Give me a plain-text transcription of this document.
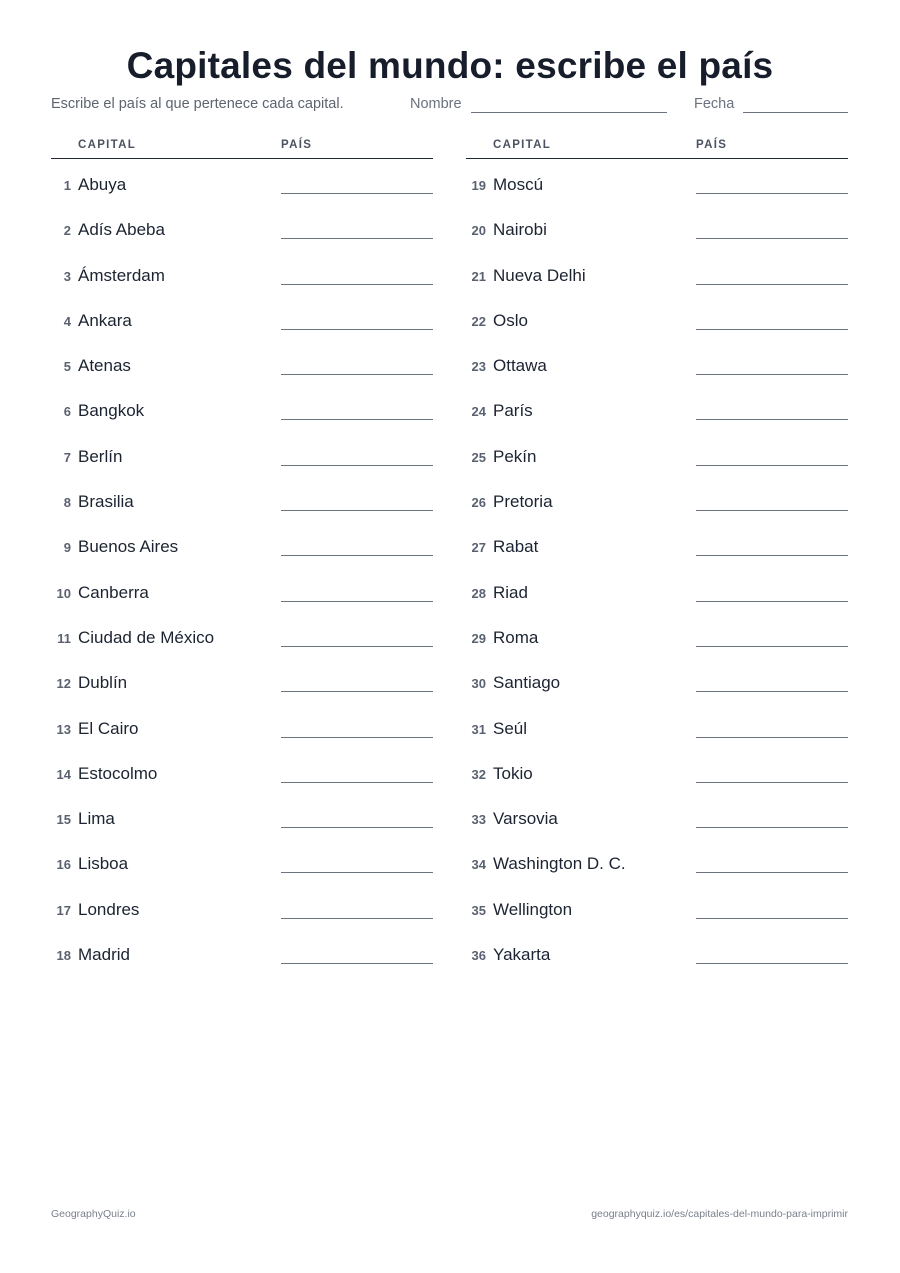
Capitales del mundo: escribe el país
Escribe el país al que pertenece cada capital.	Nombre	Fecha
CAPITAL	PAÍS
1 Abuya
2 Adís Abeba
3 Ámsterdam
4 Ankara
5 Atenas
6 Bangkok
7 Berlín
8 Brasilia
9 Buenos Aires
10 Canberra
11 Ciudad de México
12 Dublín
13 El Cairo
14 Estocolmo
15 Lima
16 Lisboa
17 Londres
18 Madrid
CAPITAL	PAÍS
19 Moscú
20 Nairobi
21 Nueva Delhi
22 Oslo
23 Ottawa
24 París
25 Pekín
26 Pretoria
27 Rabat
28 Riad
29 Roma
30 Santiago
31 Seúl
32 Tokio
33 Varsovia
34 Washington D. C.
35 Wellington
36 Yakarta
GeographyQuiz.io	geographyquiz.io/es/capitales-del-mundo-para-imprimir
